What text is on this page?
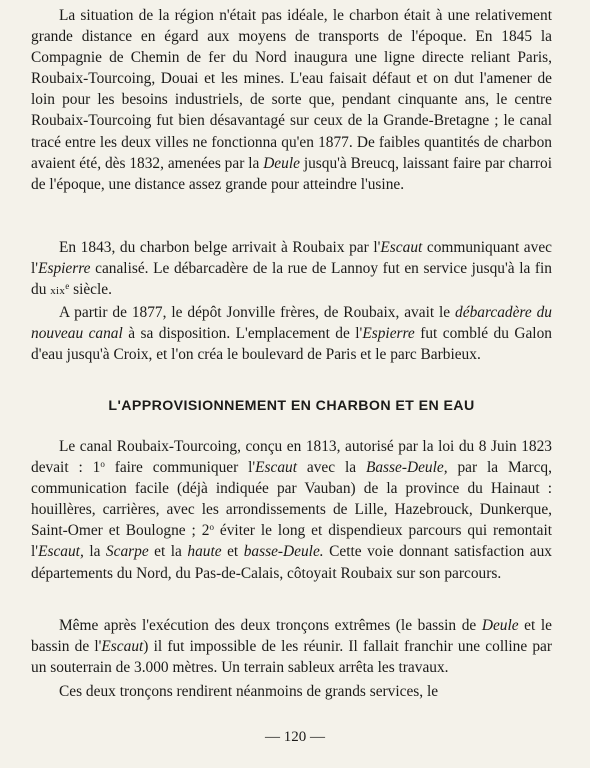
La situation de la région n'était pas idéale, le charbon était à une relativement grande distance en égard aux moyens de transports de l'époque. En 1845 la Compagnie de Chemin de fer du Nord inaugura une ligne directe reliant Paris, Roubaix-Tourcoing, Douai et les mines. L'eau faisait défaut et on dut l'amener de loin pour les besoins industriels, de sorte que, pendant cinquante ans, le centre Roubaix-Tourcoing fut bien désavantagé sur ceux de la Grande-Bretagne ; le canal tracé entre les deux villes ne fonctionna qu'en 1877. De faibles quantités de charbon avaient été, dès 1832, amenées par la Deule jusqu'à Breucq, laissant faire par charroi de l'époque, une distance assez grande pour atteindre l'usine.

En 1843, du charbon belge arrivait à Roubaix par l'Escaut communiquant avec l'Espierre canalisé. Le débarcadère de la rue de Lannoy fut en service jusqu'à la fin du xix$^e$ siècle.

A partir de 1877, le dépôt Jonville frères, de Roubaix, avait le débarcadère du nouveau canal à sa disposition. L'emplacement de l'Espierre fut comblé du Galon d'eau jusqu'à Croix, et l'on créa le boulevard de Paris et le parc Barbieux.

L'APPROVISIONNEMENT EN CHARBON ET EN EAU

Le canal Roubaix-Tourcoing, conçu en 1813, autorisé par la loi du 8 Juin 1823 devait : 1$^o$ faire communiquer l'Escaut avec la Basse-Deule, par la Marcq, communication facile (déjà indiquée par Vauban) de la province du Hainaut : houillères, carrières, avec les arrondissements de Lille, Hazebrouck, Dunkerque, Saint-Omer et Boulogne ; 2$^o$ éviter le long et dispendieux parcours qui remontait l'Escaut, la Scarpe et la haute et basse-Deule. Cette voie donnant satisfaction aux départements du Nord, du Pas-de-Calais, côtoyait Roubaix sur son parcours.

Même après l'exécution des deux tronçons extrêmes (le bassin de Deule et le bassin de l'Escaut) il fut impossible de les réunir. Il fallait franchir une colline par un souterrain de 3.000 mètres. Un terrain sableux arrêta les travaux.

Ces deux tronçons rendirent néanmoins de grands services, le

— 120 —
